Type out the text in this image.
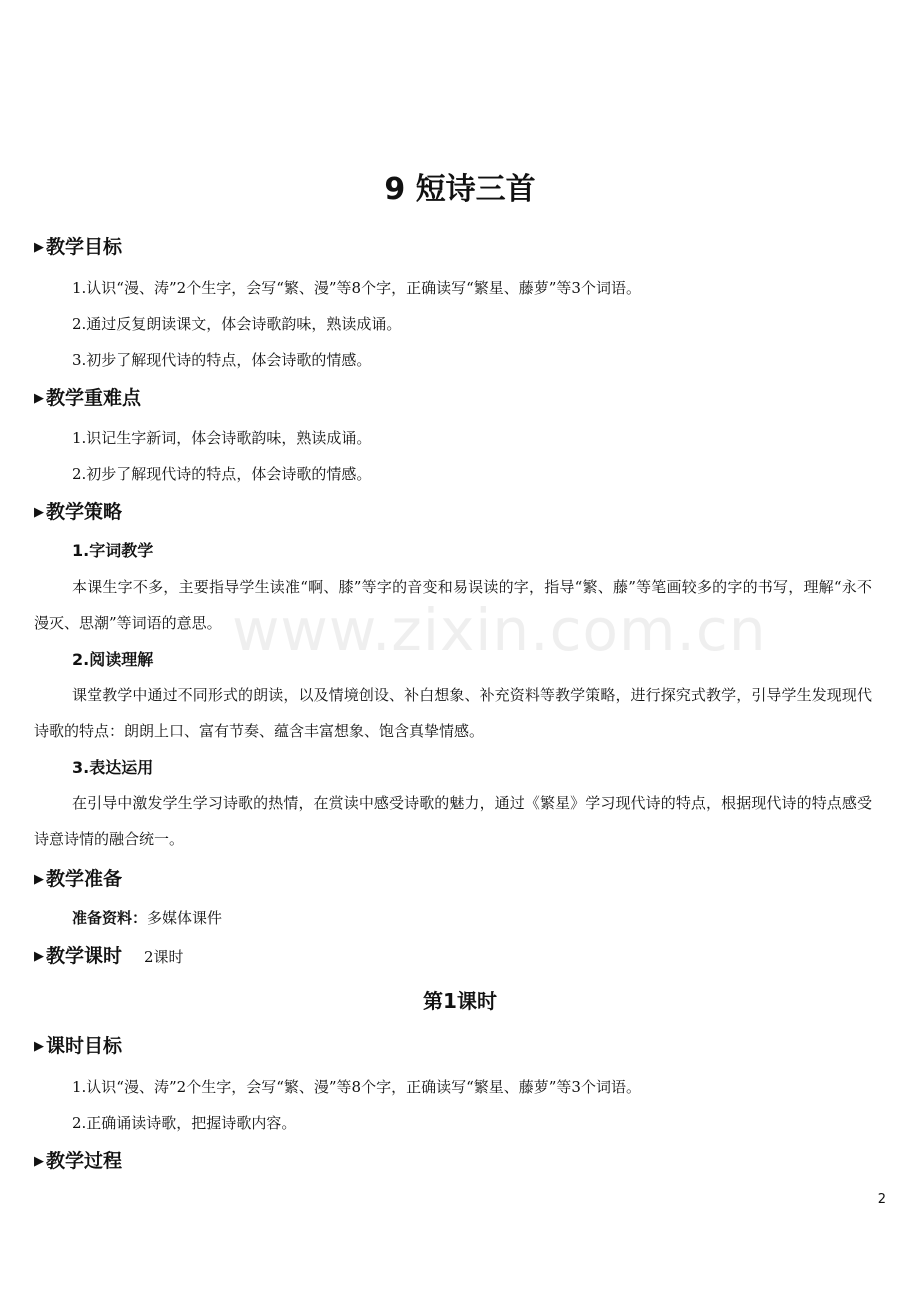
www.zixin.com.cn
9 短诗三首
▶ 教学目标
1.认识“漫、涛”2个生字，会写“繁、漫”等8个字，正确读写“繁星、藤萝”等3个词语。
2.通过反复朗读课文，体会诗歌韵味，熟读成诵。
3.初步了解现代诗的特点，体会诗歌的情感。
▶ 教学重难点
1.识记生字新词，体会诗歌韵味，熟读成诵。
2.初步了解现代诗的特点，体会诗歌的情感。
▶ 教学策略
1.字词教学

本课生字不多，主要指导学生读准“啊、膝”等字的音变和易误读的字，指导“繁、藤”等笔画较多的字的书写，理解“永不漫灭、思潮”等词语的意思。

2.阅读理解

课堂教学中通过不同形式的朗读，以及情境创设、补白想象、补充资料等教学策略，进行探究式教学，引导学生发现现代诗歌的特点：朗朗上口、富有节奏、蕴含丰富想象、饱含真挚情感。

3.表达运用

在引导中激发学生学习诗歌的热情，在赏读中感受诗歌的魅力，通过《繁星》学习现代诗的特点，根据现代诗的特点感受诗意诗情的融合统一。

▶ 教学准备
准备资料：多媒体课件
▶ 教学课时 2课时
第1课时
▶ 课时目标
1.认识“漫、涛”2个生字，会写“繁、漫”等8个字，正确读写“繁星、藤萝”等3个词语。
2.正确诵读诗歌，把握诗歌内容。
▶ 教学过程
2
